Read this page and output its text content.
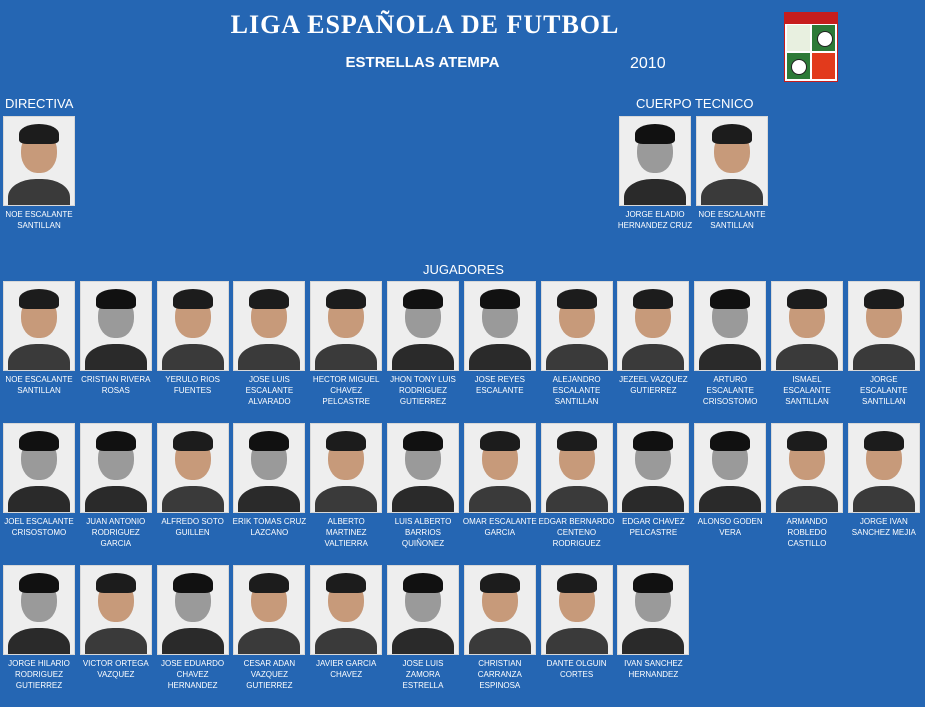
LIGA ESPAÑOLA DE FUTBOL
ESTRELLAS ATEMPA	2010
DIRECTIVA	CUERPO TECNICO
JUGADORES
NOE ESCALANTE SANTILLAN
JORGE ELADIO HERNANDEZ CRUZ
NOE ESCALANTE SANTILLAN
NOE ESCALANTE SANTILLAN
CRISTIAN RIVERA ROSAS
YERULO RIOS FUENTES
JOSE LUIS ESCALANTE ALVARADO
HECTOR MIGUEL CHAVEZ PELCASTRE
JHON TONY LUIS RODRIGUEZ GUTIERREZ
JOSE REYES ESCALANTE
ALEJANDRO ESCALANTE SANTILLAN
JEZEEL VAZQUEZ GUTIERREZ
ARTURO ESCALANTE CRISOSTOMO
ISMAEL ESCALANTE SANTILLAN
JORGE ESCALANTE SANTILLAN
JOEL ESCALANTE CRISOSTOMO
JUAN ANTONIO RODRIGUEZ GARCIA
ALFREDO SOTO GUILLEN
ERIK TOMAS CRUZ LAZCANO
ALBERTO MARTINEZ VALTIERRA
LUIS ALBERTO BARRIOS QUIÑONEZ
OMAR ESCALANTE GARCIA
EDGAR BERNARDO CENTENO RODRIGUEZ
EDGAR CHAVEZ PELCASTRE
ALONSO GODEN VERA
ARMANDO ROBLEDO CASTILLO
JORGE IVAN SANCHEZ MEJIA
JORGE HILARIO RODRIGUEZ GUTIERREZ
VICTOR ORTEGA VAZQUEZ
JOSE EDUARDO CHAVEZ HERNANDEZ
CESAR ADAN VAZQUEZ GUTIERREZ
JAVIER GARCIA CHAVEZ
JOSE LUIS ZAMORA ESTRELLA
CHRISTIAN CARRANZA ESPINOSA
DANTE OLGUIN CORTES
IVAN SANCHEZ HERNANDEZ
